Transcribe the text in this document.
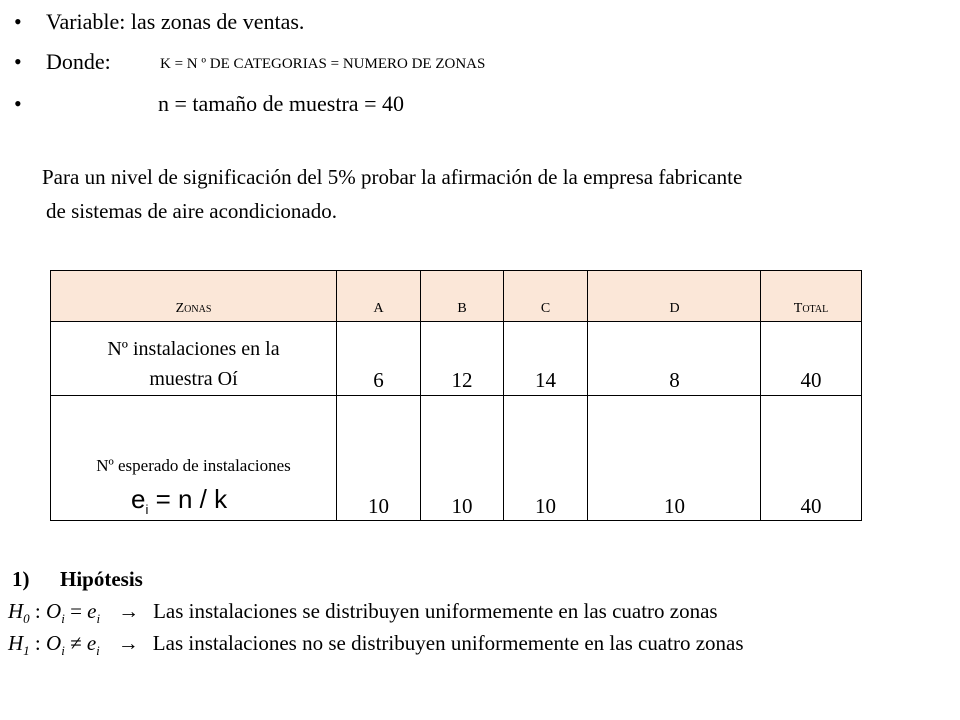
• Variable: las zonas de ventas.
• Donde:	K = N º DE CATEGORIAS = NUMERO DE ZONAS
•	n = tamaño de muestra = 40
Para un nivel de significación del 5% probar la afirmación de la empresa fabricante
de sistemas de aire acondicionado.
Zonas	A	B	C	D	Total
Nº instalaciones en la
muestra Oí	6	12	14	8	40
Nº esperado de instalaciones
$e_i = n / k$	10	10	10	10	40
1) Hipótesis
$H_0$ : $O_i = e_i$ → Las instalaciones se distribuyen uniformemente en las cuatro zonas
$H_1$ : $O_i \ne e_i$ → Las instalaciones no se distribuyen uniformemente en las cuatro zonas
